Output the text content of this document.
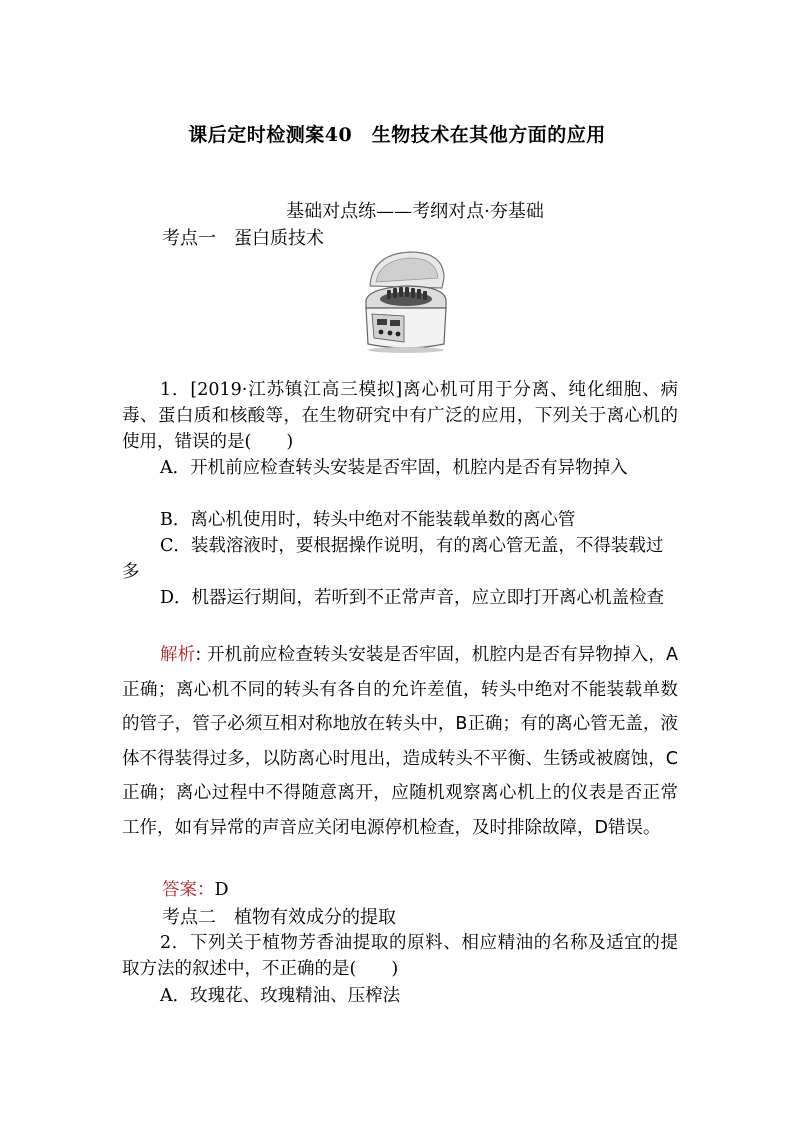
课后定时检测案40　生物技术在其他方面的应用
基础对点练——考纲对点·夯基础
考点一　蛋白质技术
1．[2019·江苏镇江高三模拟]离心机可用于分离、纯化细胞、病毒、蛋白质和核酸等，在生物研究中有广泛的应用，下列关于离心机的使用，错误的是(　　)
A．开机前应检查转头安装是否牢固，机腔内是否有异物掉入
B．离心机使用时，转头中绝对不能装载单数的离心管
C．装载溶液时，要根据操作说明，有的离心管无盖，不得装载过多
D．机器运行期间，若听到不正常声音，应立即打开离心机盖检查
解析: 开机前应检查转头安装是否牢固，机腔内是否有异物掉入，A正确；离心机不同的转头有各自的允许差值，转头中绝对不能装载单数的管子，管子必须互相对称地放在转头中，B正确；有的离心管无盖，液体不得装得过多，以防离心时甩出，造成转头不平衡、生锈或被腐蚀，C正确；离心过程中不得随意离开，应随机观察离心机上的仪表是否正常工作，如有异常的声音应关闭电源停机检查，及时排除故障，D错误。
答案：D
考点二　植物有效成分的提取
2．下列关于植物芳香油提取的原料、相应精油的名称及适宜的提取方法的叙述中，不正确的是(　　)
A．玫瑰花、玫瑰精油、压榨法
